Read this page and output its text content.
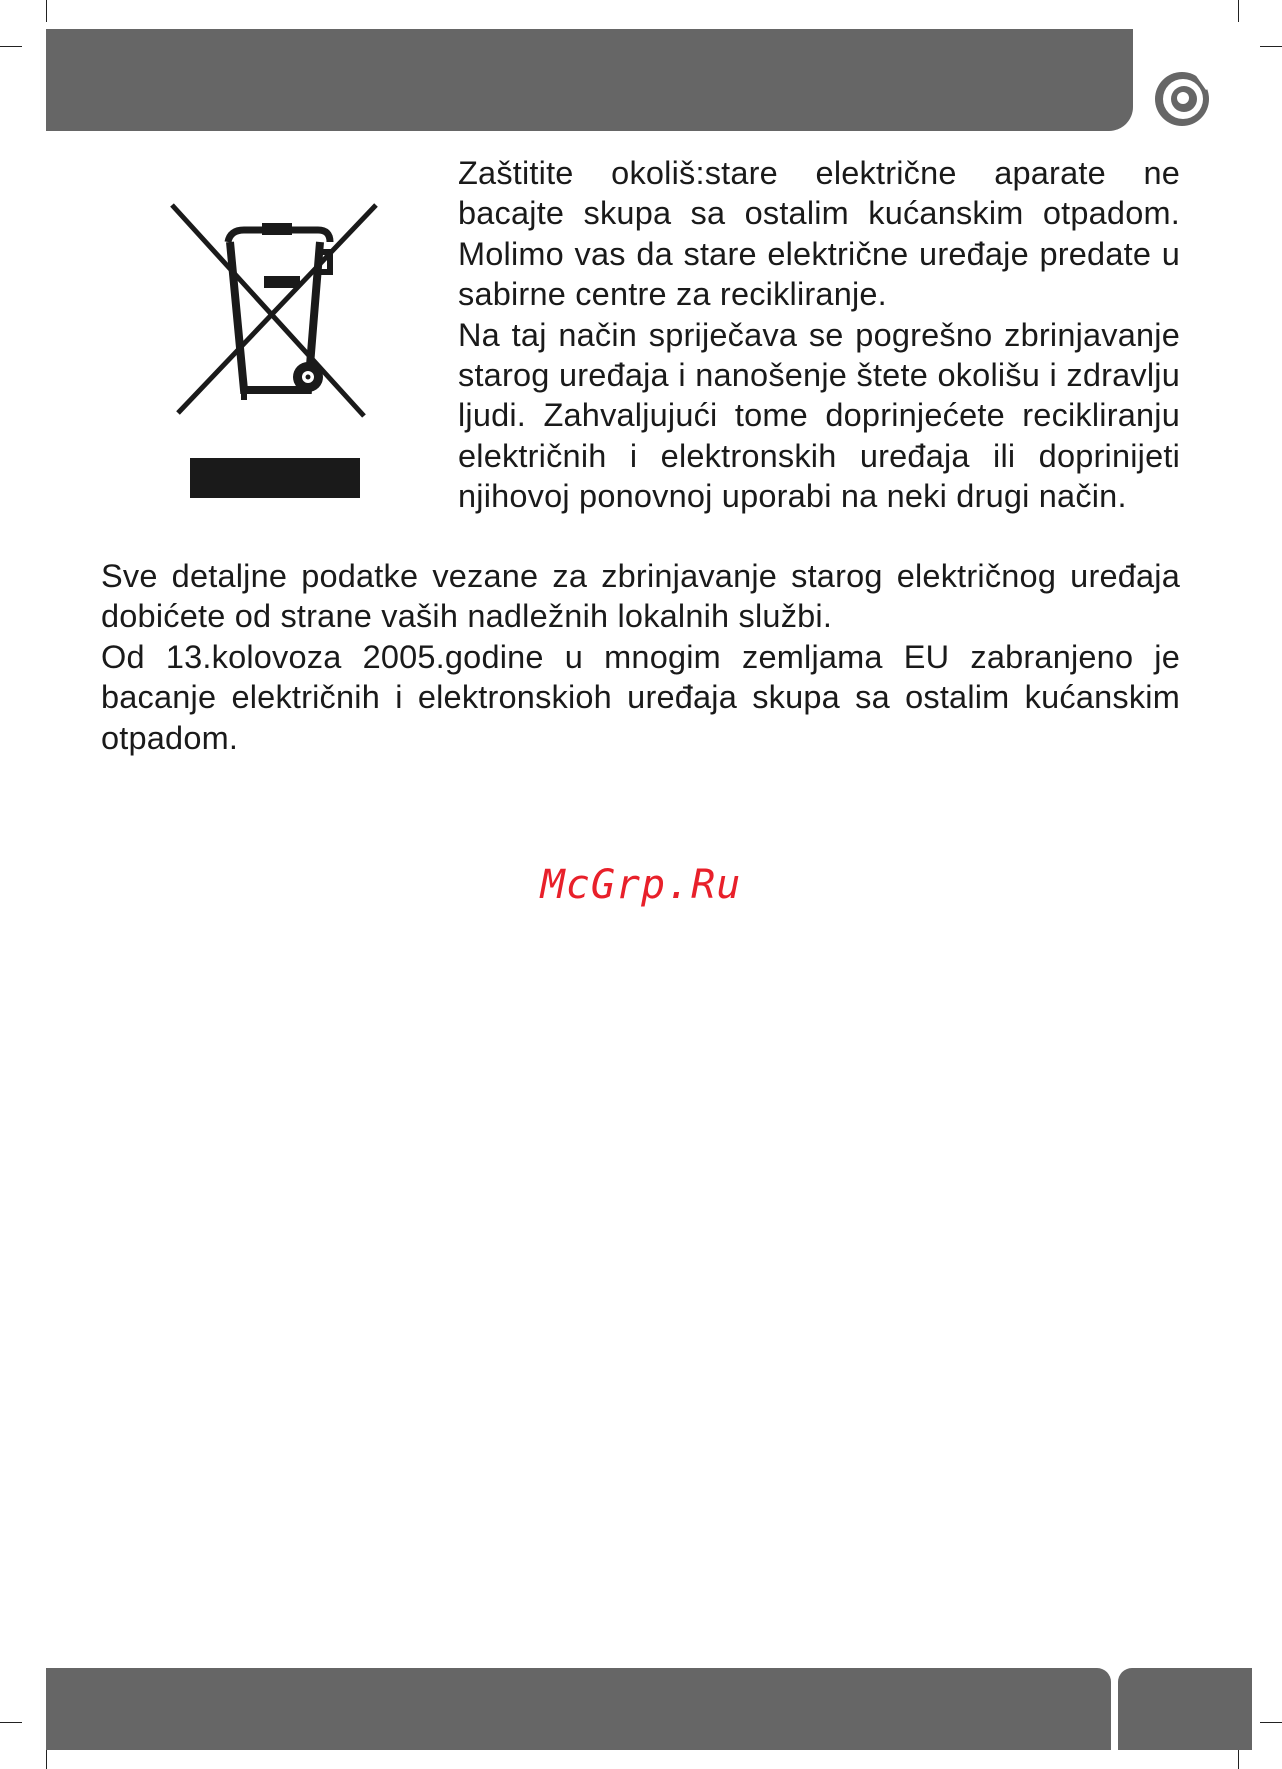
Zaštitite okoliš:stare električne aparate ne bacajte skupa sa ostalim kućanskim otpadom. Molimo vas da stare električne uređaje predate u sabirne centre za recikliranje.

Na taj način spriječava se pogrešno zbrinjavanje starog uređaja i nanošenje štete okolišu i zdravlju ljudi. Zahvaljujući tome doprinjećete recikliranju električnih i elektronskih uređaja ili doprinijeti njihovoj ponovnoj uporabi na neki drugi način.

Sve detaljne podatke vezane za zbrinjavanje starog električnog uređaja dobićete od strane vaših nadležnih lokalnih službi.

Od 13.kolovoza 2005.godine u mnogim zemljama EU zabranjeno je bacanje električnih i elektronskioh uređaja skupa sa ostalim kućanskim otpadom.

McGrp.Ru
